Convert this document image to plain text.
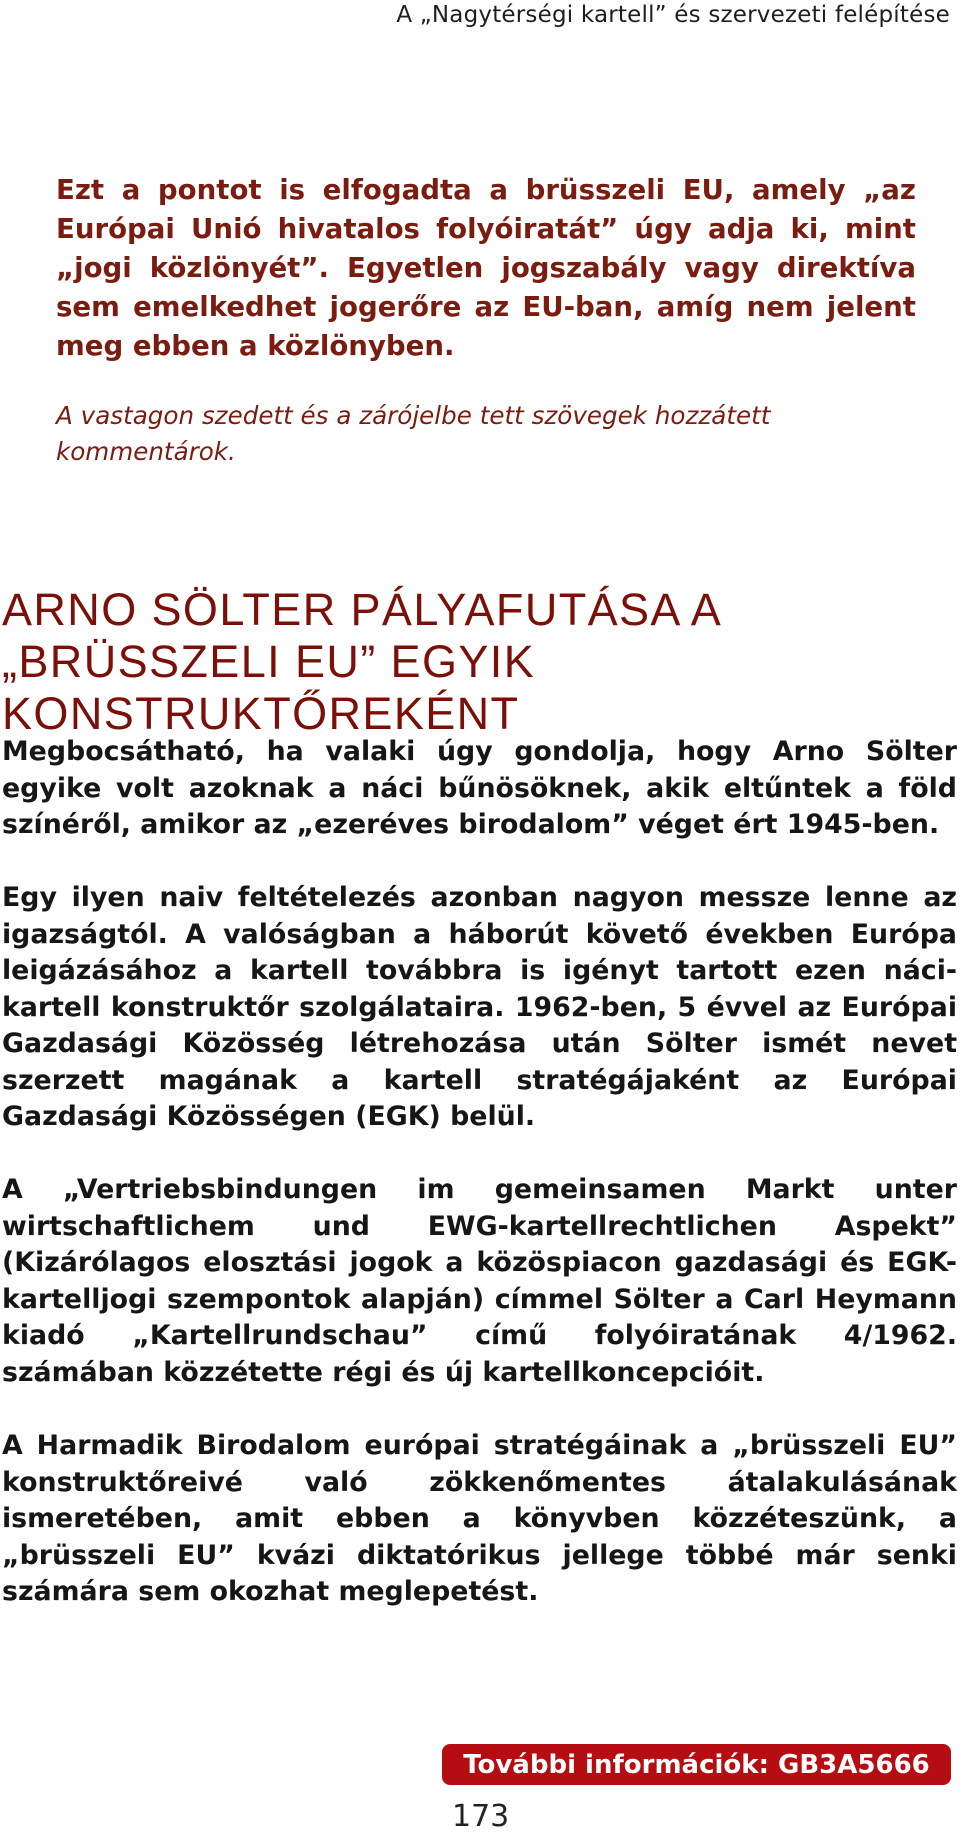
A „Nagytérségi kartell” és szervezeti felépítése
Ezt a pontot is elfogadta a brüsszeli EU, amely „az Európai Unió hivatalos folyóiratát” úgy adja ki, mint „jogi közlönyét”. Egyetlen jogszabály vagy direktíva sem emelkedhet jogerőre az EU-ban, amíg nem jelent meg ebben a közlönyben.
A vastagon szedett és a zárójelbe tett szövegek hozzátett kommentárok.
ARNO SÖLTER PÁLYAFUTÁSA A „BRÜSSZELI EU” EGYIK KONSTRUKTŐREKÉNT

Megbocsátható, ha valaki úgy gondolja, hogy Arno Sölter egyike volt azoknak a náci bűnösöknek, akik eltűntek a föld színéről, amikor az „ezeréves birodalom” véget ért 1945-ben.

Egy ilyen naiv feltételezés azonban nagyon messze lenne az igazságtól. A valóságban a háborút követő években Európa leigázásához a kartell továbbra is igényt tartott ezen náci-kartell konstruktőr szolgálataira. 1962-ben, 5 évvel az Európai Gazdasági Közösség létrehozása után Sölter ismét nevet szerzett magának a kartell stratégájaként az Európai Gazdasági Közösségen (EGK) belül.

A „Vertriebsbindungen im gemeinsamen Markt unter wirtschaftlichem und EWG-kartellrechtlichen Aspekt” (Kizárólagos elosztási jogok a közöspiacon gazdasági és EGK-kartelljogi szempontok alapján) címmel Sölter a Carl Heymann kiadó „Kartellrundschau” című folyóiratának 4/1962. számában közzétette régi és új kartellkoncepcióit.

A Harmadik Birodalom európai stratégáinak a „brüsszeli EU” konstruktőreivé való zökkenőmentes átalakulásának ismeretében, amit ebben a könyvben közzéteszünk, a „brüsszeli EU” kvázi diktatórikus jellege többé már senki számára sem okozhat meglepetést.

További információk: GB3A5666
173
